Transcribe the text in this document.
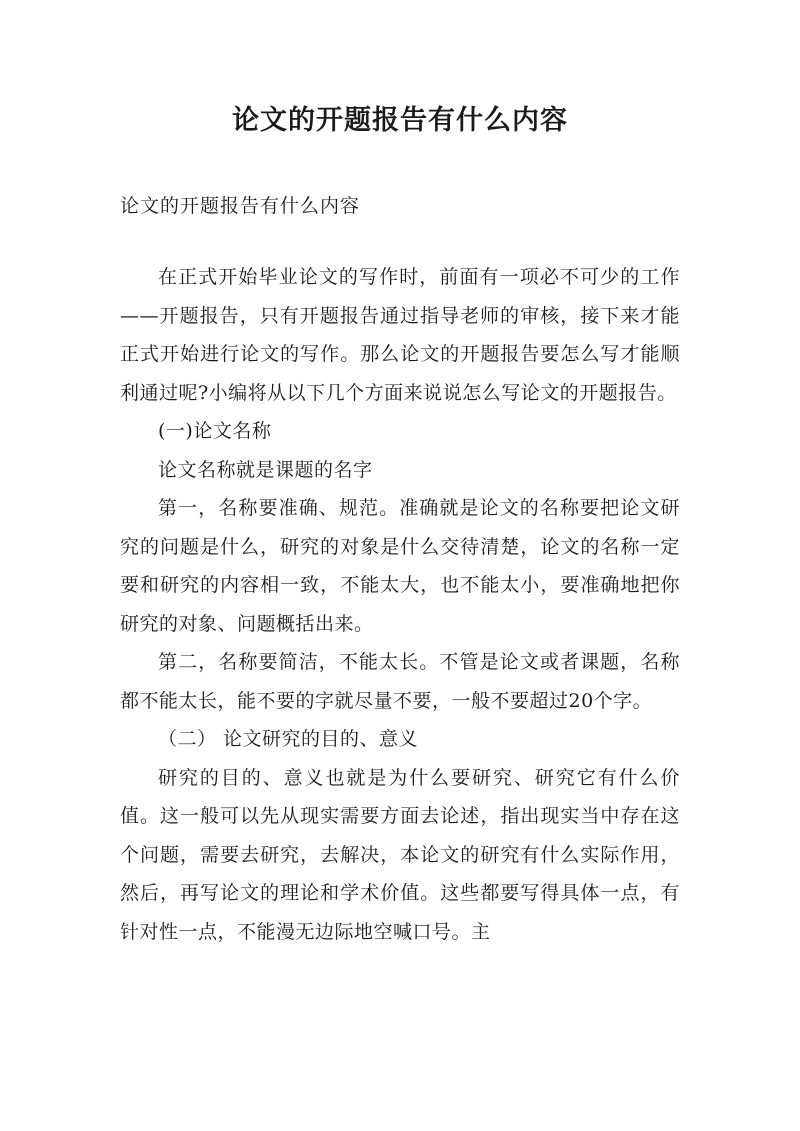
论文的开题报告有什么内容
论文的开题报告有什么内容

在正式开始毕业论文的写作时，前面有一项必不可少的工作——开题报告，只有开题报告通过指导老师的审核，接下来才能正式开始进行论文的写作。那么论文的开题报告要怎么写才能顺利通过呢?小编将从以下几个方面来说说怎么写论文的开题报告。

(一)论文名称

论文名称就是课题的名字

第一，名称要准确、规范。准确就是论文的名称要把论文研究的问题是什么，研究的对象是什么交待清楚，论文的名称一定要和研究的内容相一致，不能太大，也不能太小，要准确地把你研究的对象、问题概括出来。

第二，名称要简洁，不能太长。不管是论文或者课题，名称都不能太长，能不要的字就尽量不要，一般不要超过20个字。

（二） 论文研究的目的、意义

研究的目的、意义也就是为什么要研究、研究它有什么价值。这一般可以先从现实需要方面去论述，指出现实当中存在这个问题，需要去研究，去解决，本论文的研究有什么实际作用，然后，再写论文的理论和学术价值。这些都要写得具体一点，有针对性一点，不能漫无边际地空喊口号。主
